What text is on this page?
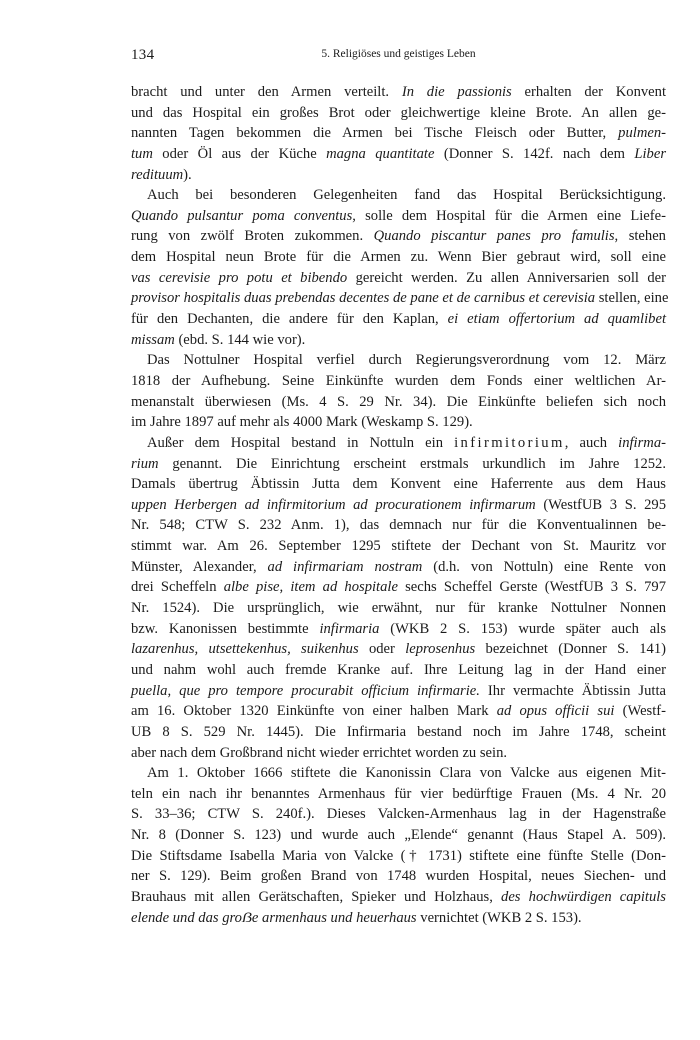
134	5. Religiöses und geistiges Leben
bracht und unter den Armen verteilt. In die passionis erhalten der Konvent
und das Hospital ein großes Brot oder gleichwertige kleine Brote. An allen ge-
nannten Tagen bekommen die Armen bei Tische Fleisch oder Butter, pulmen-
tum oder Öl aus der Küche magna quantitate (Donner S. 142f. nach dem Liber
redituum).
Auch bei besonderen Gelegenheiten fand das Hospital Berücksichtigung.
Quando pulsantur poma conventus, solle dem Hospital für die Armen eine Liefe-
rung von zwölf Broten zukommen. Quando piscantur panes pro famulis, stehen
dem Hospital neun Brote für die Armen zu. Wenn Bier gebraut wird, soll eine
vas cerevisie pro potu et bibendo gereicht werden. Zu allen Anniversarien soll der
provisor hospitalis duas prebendas decentes de pane et de carnibus et cerevisia stellen, eine
für den Dechanten, die andere für den Kaplan, ei etiam offertorium ad quamlibet
missam (ebd. S. 144 wie vor).
Das Nottulner Hospital verfiel durch Regierungsverordnung vom 12. März
1818 der Aufhebung. Seine Einkünfte wurden dem Fonds einer weltlichen Ar-
menanstalt überwiesen (Ms. 4 S. 29 Nr. 34). Die Einkünfte beliefen sich noch
im Jahre 1897 auf mehr als 4000 Mark (Weskamp S. 129).
Außer dem Hospital bestand in Nottuln ein infirmitorium, auch infirma-
rium genannt. Die Einrichtung erscheint erstmals urkundlich im Jahre 1252.
Damals übertrug Äbtissin Jutta dem Konvent eine Haferrente aus dem Haus
uppen Herbergen ad infirmitorium ad procurationem infirmarum (WestfUB 3 S. 295
Nr. 548; CTW S. 232 Anm. 1), das demnach nur für die Konventualinnen be-
stimmt war. Am 26. September 1295 stiftete der Dechant von St. Mauritz vor
Münster, Alexander, ad infirmariam nostram (d.h. von Nottuln) eine Rente von
drei Scheffeln albe pise, item ad hospitale sechs Scheffel Gerste (WestfUB 3 S. 797
Nr. 1524). Die ursprünglich, wie erwähnt, nur für kranke Nottulner Nonnen
bzw. Kanonissen bestimmte infirmaria (WKB 2 S. 153) wurde später auch als
lazarenhus, utsettekenhus, suikenhus oder leprosenhus bezeichnet (Donner S. 141)
und nahm wohl auch fremde Kranke auf. Ihre Leitung lag in der Hand einer
puella, que pro tempore procurabit officium infirmarie. Ihr vermachte Äbtissin Jutta
am 16. Oktober 1320 Einkünfte von einer halben Mark ad opus officii sui (Westf-
UB 8 S. 529 Nr. 1445). Die Infirmaria bestand noch im Jahre 1748, scheint
aber nach dem Großbrand nicht wieder errichtet worden zu sein.
Am 1. Oktober 1666 stiftete die Kanonissin Clara von Valcke aus eigenen Mit-
teln ein nach ihr benanntes Armenhaus für vier bedürftige Frauen (Ms. 4 Nr. 20
S. 33–36; CTW S. 240f.). Dieses Valcken-Armenhaus lag in der Hagenstraße
Nr. 8 (Donner S. 123) und wurde auch „Elende“ genannt (Haus Stapel A. 509).
Die Stiftsdame Isabella Maria von Valcke († 1731) stiftete eine fünfte Stelle (Don-
ner S. 129). Beim großen Brand von 1748 wurden Hospital, neues Siechen- und
Brauhaus mit allen Gerätschaften, Spieker und Holzhaus, des hochwürdigen capituls
elende und das groẞe armenhaus und heuerhaus vernichtet (WKB 2 S. 153).
